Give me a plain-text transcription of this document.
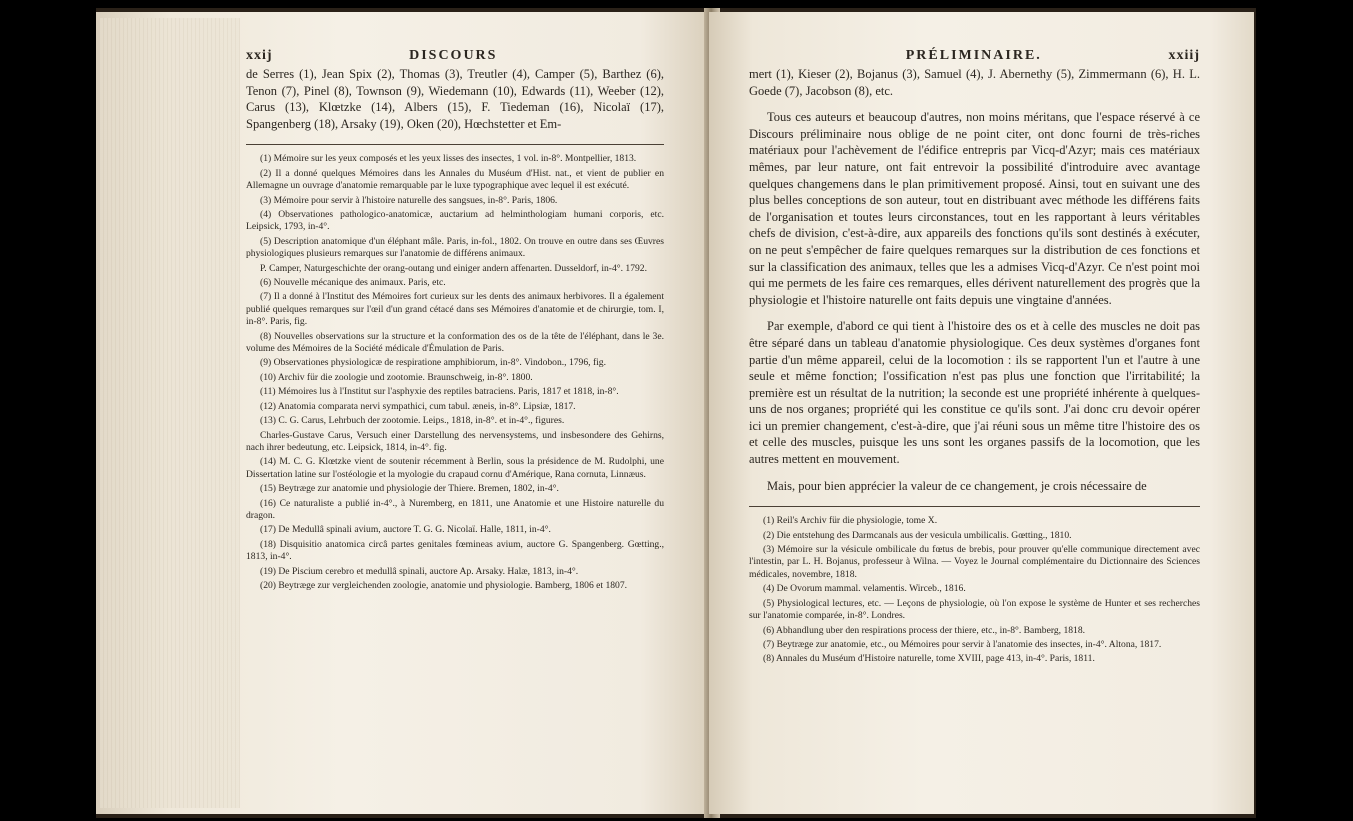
xxij	DISCOURS

de Serres (1), Jean Spix (2), Thomas (3), Treutler (4), Camper (5), Barthez (6), Tenon (7), Pinel (8), Townson (9), Wiedemann (10), Edwards (11), Weeber (12), Carus (13), Klœtzke (14), Albers (15), F. Tiedeman (16), Nicolaï (17), Spangenberg (18), Arsaky (19), Oken (20), Hœchstetter et Em-

(1) Mémoire sur les yeux composés et les yeux lisses des insectes, 1 vol. in-8°. Montpellier, 1813.

(2) Il a donné quelques Mémoires dans les Annales du Muséum d'Hist. nat., et vient de publier en Allemagne un ouvrage d'anatomie remarquable par le luxe typographique avec lequel il est exécuté.

(3) Mémoire pour servir à l'histoire naturelle des sangsues, in-8°. Paris, 1806.

(4) Observationes pathologico-anatomicæ, auctarium ad helminthologiam humani corporis, etc. Leipsick, 1793, in-4°.

(5) Description anatomique d'un éléphant mâle. Paris, in-fol., 1802. On trouve en outre dans ses Œuvres physiologiques plusieurs remarques sur l'anatomie de différens animaux.

P. Camper, Naturgeschichte der orang-outang und einiger andern affenarten. Dusseldorf, in-4°. 1792.

(6) Nouvelle mécanique des animaux. Paris, etc.

(7) Il a donné à l'Institut des Mémoires fort curieux sur les dents des animaux herbivores. Il a également publié quelques remarques sur l'œil d'un grand cétacé dans ses Mémoires d'anatomie et de chirurgie, tom. I, in-8°. Paris, fig.

(8) Nouvelles observations sur la structure et la conformation des os de la tête de l'éléphant, dans le 3e. volume des Mémoires de la Société médicale d'Émulation de Paris.

(9) Observationes physiologicæ de respiratione amphibiorum, in-8°. Vindobon., 1796, fig.

(10) Archiv für die zoologie und zootomie. Braunschweig, in-8°. 1800.

(11) Mémoires lus à l'Institut sur l'asphyxie des reptiles batraciens. Paris, 1817 et 1818, in-8°.

(12) Anatomia comparata nervi sympathici, cum tabul. æneis, in-8°. Lipsiæ, 1817.

(13) C. G. Carus, Lehrbuch der zootomie. Leips., 1818, in-8°. et in-4°., figures.

Charles-Gustave Carus, Versuch einer Darstellung des nervensystems, und insbesondere des Gehirns, nach ihrer bedeutung, etc. Leipsick, 1814, in-4°. fig.

(14) M. C. G. Klœtzke vient de soutenir récemment à Berlin, sous la présidence de M. Rudolphi, une Dissertation latine sur l'ostéologie et la myologie du crapaud cornu d'Amérique, Rana cornuta, Linnæus.

(15) Beytræge zur anatomie und physiologie der Thiere. Bremen, 1802, in-4°.

(16) Ce naturaliste a publié in-4°., à Nuremberg, en 1811, une Anatomie et une Histoire naturelle du dragon.

(17) De Medullâ spinali avium, auctore T. G. G. Nicolaï. Halle, 1811, in-4°.

(18) Disquisitio anatomica circâ partes genitales fœmineas avium, auctore G. Spangenberg. Gœtting., 1813, in-4°.

(19) De Piscium cerebro et medullâ spinali, auctore Ap. Arsaky. Halæ, 1813, in-4°.

(20) Beytræge zur vergleichenden zoologie, anatomie und physiologie. Bamberg, 1806 et 1807.

PRÉLIMINAIRE.	xxiij

mert (1), Kieser (2), Bojanus (3), Samuel (4), J. Abernethy (5), Zimmermann (6), H. L. Goede (7), Jacobson (8), etc.

Tous ces auteurs et beaucoup d'autres, non moins méritans, que l'espace réservé à ce Discours préliminaire nous oblige de ne point citer, ont donc fourni de très-riches matériaux pour l'achèvement de l'édifice entrepris par Vicq-d'Azyr; mais ces matériaux mêmes, par leur nature, ont fait entrevoir la possibilité d'introduire avec avantage quelques changemens dans le plan primitivement proposé. Ainsi, tout en suivant une des plus belles conceptions de son auteur, tout en distribuant avec méthode les différens faits de l'organisation et toutes leurs circonstances, tout en les rapportant à leurs véritables chefs de division, c'est-à-dire, aux appareils des fonctions qu'ils sont destinés à exécuter, on ne peut s'empêcher de faire quelques remarques sur la distribution de ces fonctions et sur la classification des animaux, telles que les a admises Vicq-d'Azyr. Ce n'est point moi qui me permets de les faire ces remarques, elles dérivent naturellement des progrès que la physiologie et l'histoire naturelle ont faits depuis une vingtaine d'années.

Par exemple, d'abord ce qui tient à l'histoire des os et à celle des muscles ne doit pas être séparé dans un tableau d'anatomie physiologique. Ces deux systèmes d'organes font partie d'un même appareil, celui de la locomotion : ils se rapportent l'un et l'autre à une seule et même fonction; l'ossification n'est pas plus une fonction que l'irritabilité; la première est un résultat de la nutrition; la seconde est une propriété inhérente à quelques-uns de nos organes; propriété qui les constitue ce qu'ils sont. J'ai donc cru devoir opérer ici un premier changement, c'est-à-dire, que j'ai réuni sous un même titre l'histoire des os et celle des muscles, puisque les uns sont les organes passifs de la locomotion, que les autres mettent en mouvement.

Mais, pour bien apprécier la valeur de ce changement, je crois nécessaire de

(1) Reil's Archiv für die physiologie, tome X.

(2) Die entstehung des Darmcanals aus der vesicula umbilicalis. Gœtting., 1810.

(3) Mémoire sur la vésicule ombilicale du fœtus de brebis, pour prouver qu'elle communique directement avec l'intestin, par L. H. Bojanus, professeur à Wilna. — Voyez le Journal complémentaire du Dictionnaire des Sciences médicales, novembre, 1818.

(4) De Ovorum mammal. velamentis. Wirceb., 1816.

(5) Physiological lectures, etc. — Leçons de physiologie, où l'on expose le système de Hunter et ses recherches sur l'anatomie comparée, in-8°. Londres.

(6) Abhandlung uber den respirations process der thiere, etc., in-8°. Bamberg, 1818.

(7) Beytræge zur anatomie, etc., ou Mémoires pour servir à l'anatomie des insectes, in-4°. Altona, 1817.

(8) Annales du Muséum d'Histoire naturelle, tome XVIII, page 413, in-4°. Paris, 1811.
